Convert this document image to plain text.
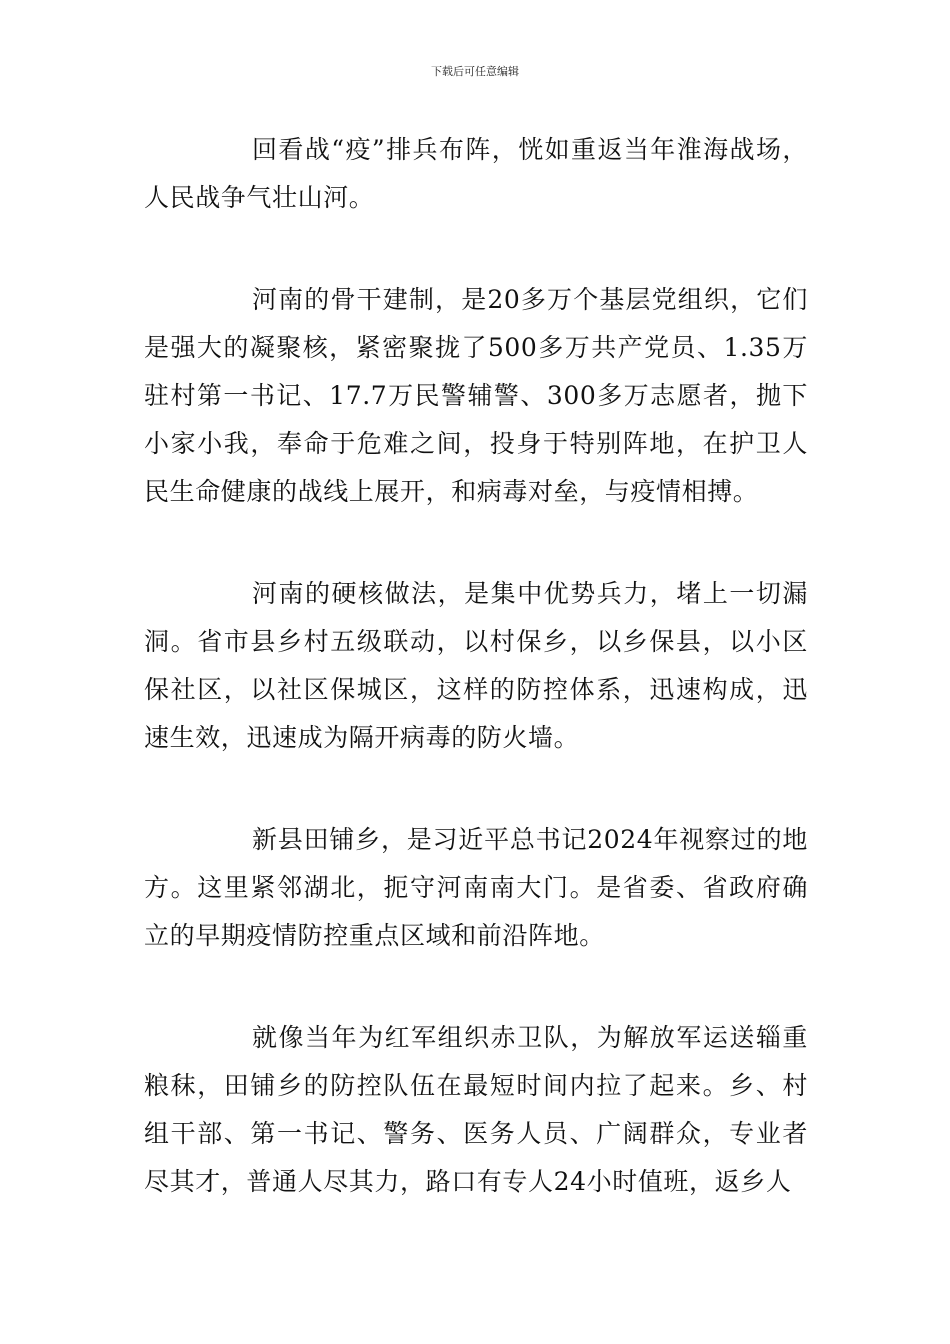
下载后可任意编辑

回看战“疫”排兵布阵，恍如重返当年淮海战场，人民战争气壮山河。

河南的骨干建制，是20多万个基层党组织，它们是强大的凝聚核，紧密聚拢了500多万共产党员、1.35万驻村第一书记、17.7万民警辅警、300多万志愿者，抛下小家小我，奉命于危难之间，投身于特别阵地，在护卫人民生命健康的战线上展开，和病毒对垒，与疫情相搏。

河南的硬核做法，是集中优势兵力，堵上一切漏洞。省市县乡村五级联动，以村保乡，以乡保县，以小区保社区，以社区保城区，这样的防控体系，迅速构成，迅速生效，迅速成为隔开病毒的防火墙。

新县田铺乡，是习近平总书记2024年视察过的地方。这里紧邻湖北，扼守河南南大门。是省委、省政府确立的早期疫情防控重点区域和前沿阵地。

就像当年为红军组织赤卫队，为解放军运送辎重粮秣，田铺乡的防控队伍在最短时间内拉了起来。乡、村组干部、第一书记、警务、医务人员、广阔群众，专业者尽其才，普通人尽其力，路口有专人24小时值班，返乡人
